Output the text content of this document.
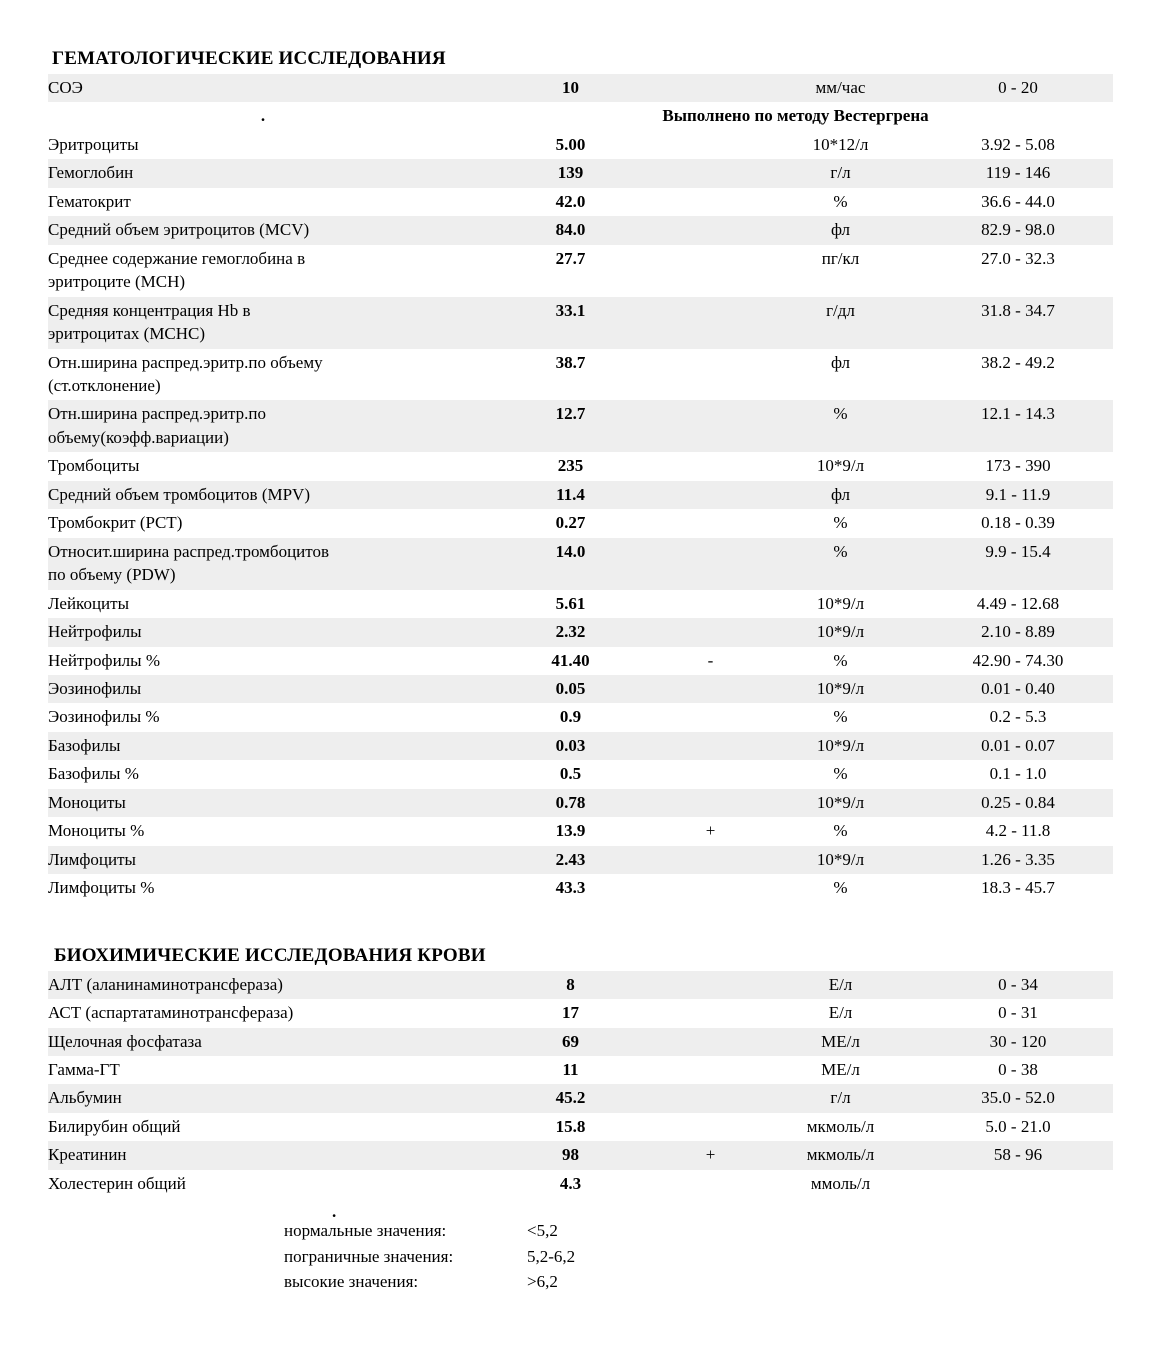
ГЕМАТОЛОГИЧЕСКИЕ ИССЛЕДОВАНИЯ
СОЭ	10		мм/час	0 - 20
.	Выполнено по методу Вестергрена			

Эритроциты	5.00		10*12/л	3.92 - 5.08

Гемоглобин	139		г/л	119 - 146

Гематокрит	42.0		%	36.6 - 44.0

Средний объем эритроцитов (MCV)	84.0		фл	82.9 - 98.0

Среднее содержание гемоглобина в
эритроците (MCH)	27.7		пг/кл	27.0 - 32.3

Средняя концентрация Hb в
эритроцитах (MCHC)	33.1		г/дл	31.8 - 34.7

Отн.ширина распред.эритр.по объему
(ст.отклонение)	38.7		фл	38.2 - 49.2

Отн.ширина распред.эритр.по
объему(коэфф.вариации)	12.7		%	12.1 - 14.3

Тромбоциты	235		10*9/л	173 - 390

Средний объем тромбоцитов (MPV)	11.4		фл	9.1 - 11.9

Тромбокрит (PCT)	0.27		%	0.18 - 0.39

Относит.ширина распред.тромбоцитов
по объему (PDW)	14.0		%	9.9 - 15.4

Лейкоциты	5.61		10*9/л	4.49 - 12.68

Нейтрофилы	2.32		10*9/л	2.10 - 8.89

Нейтрофилы %	41.40	-	%	42.90 - 74.30

Эозинофилы	0.05		10*9/л	0.01 - 0.40

Эозинофилы %	0.9		%	0.2 - 5.3

Базофилы	0.03		10*9/л	0.01 - 0.07

Базофилы %	0.5		%	0.1 - 1.0

Моноциты	0.78		10*9/л	0.25 - 0.84

Моноциты %	13.9	+	%	4.2 - 11.8

Лимфоциты	2.43		10*9/л	1.26 - 3.35

Лимфоциты %	43.3		%	18.3 - 45.7
БИОХИМИЧЕСКИЕ ИССЛЕДОВАНИЯ КРОВИ
АЛТ (аланинаминотрансфераза)	8		Е/л	0 - 34

АСТ (аспартатаминотрансфераза)	17		Е/л	0 - 31

Щелочная фосфатаза	69		МЕ/л	30 - 120

Гамма-ГТ	11		МЕ/л	0 - 38

Альбумин	45.2		г/л	35.0 - 52.0

Билирубин общий	15.8		мкмоль/л	5.0 - 21.0

Креатинин	98	+	мкмоль/л	58 - 96

Холестерин общий	4.3		ммоль/л	
.
нормальные значения:	<5,2
пограничные значения:	5,2-6,2
высокие значения:	>6,2
